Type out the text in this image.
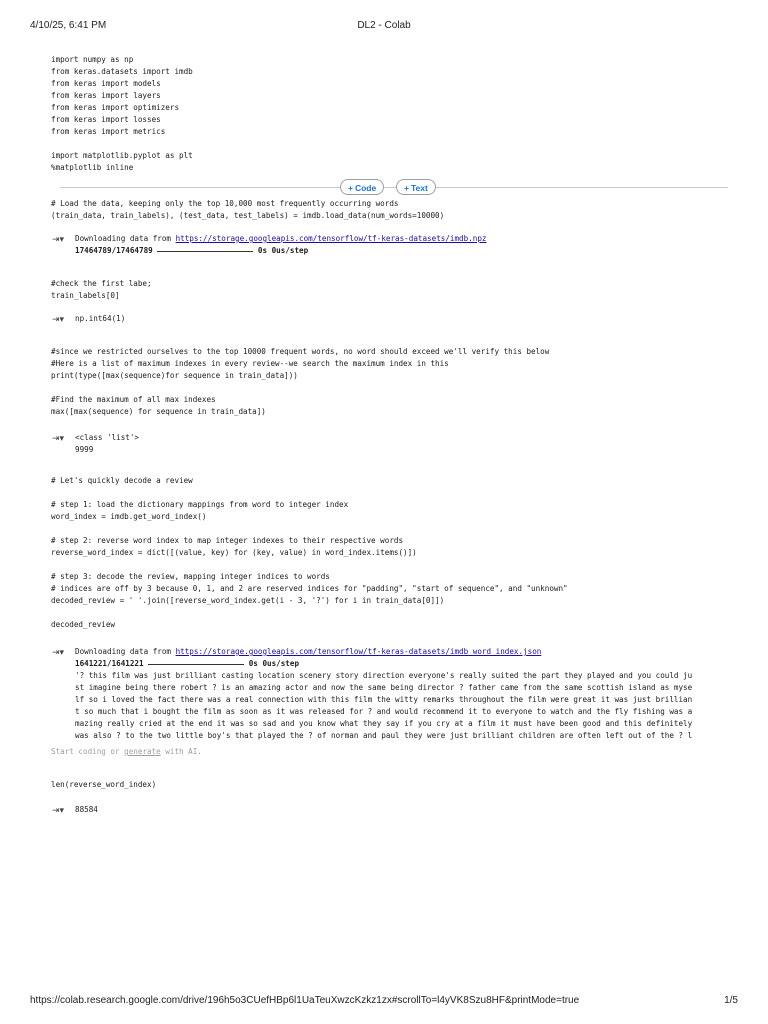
4/10/25, 6:41 PM	DL2 - Colab
import numpy as np
from keras.datasets import imdb
from keras import models
from keras import layers
from keras import optimizers
from keras import losses
from keras import metrics

import matplotlib.pyplot as plt
%matplotlib inline
+ Code	+ Text
# Load the data, keeping only the top 10,000 most frequently occurring words
(train_data, train_labels), (test_data, test_labels) = imdb.load_data(num_words=10000)
⇥▾ Downloading data from https://storage.googleapis.com/tensorflow/tf-keras-datasets/imdb.npz
17464789/17464789	0s 0us/step
#check the first labe;
train_labels[0]
⇥▾ np.int64(1)
#since we restricted ourselves to the top 10000 frequent words, no word should exceed we'll verify this below
#Here is a list of maximum indexes in every review--we search the maximum index in this
print(type([max(sequence)for sequence in train_data]))

#Find the maximum of all max indexes
max([max(sequence) for sequence in train_data])
⇥▾ <class 'list'>
9999
# Let's quickly decode a review

# step 1: load the dictionary mappings from word to integer index
word_index = imdb.get_word_index()

# step 2: reverse word index to map integer indexes to their respective words
reverse_word_index = dict([(value, key) for (key, value) in word_index.items()])

# step 3: decode the review, mapping integer indices to words
# indices are off by 3 because 0, 1, and 2 are reserved indices for "padding", "start of sequence", and "unknown"
decoded_review = ' '.join([reverse_word_index.get(i - 3, '?') for i in train_data[0]])

decoded_review
⇥▾ Downloading data from https://storage.googleapis.com/tensorflow/tf-keras-datasets/imdb_word_index.json
1641221/1641221	0s 0us/step
'? this film was just brilliant casting location scenery story direction everyone's really suited the part they played and you could ju
st imagine being there robert ? is an amazing actor and now the same being director ? father came from the same scottish island as myse
lf so i loved the fact there was a real connection with this film the witty remarks throughout the film were great it was just brillian
t so much that i bought the film as soon as it was released for ? and would recommend it to everyone to watch and the fly fishing was a
mazing really cried at the end it was so sad and you know what they say if you cry at a film it must have been good and this definitely
was also ? to the two little boy's that played the ? of norman and paul they were just brilliant children are often left out of the ? l
Start coding or generate with AI.
len(reverse_word_index)
⇥▾ 88584
https://colab.research.google.com/drive/196h5o3CUefHBp6l1UaTeuXwzcKzkz1zx#scrollTo=l4yVK8Szu8HF&printMode=true	1/5
